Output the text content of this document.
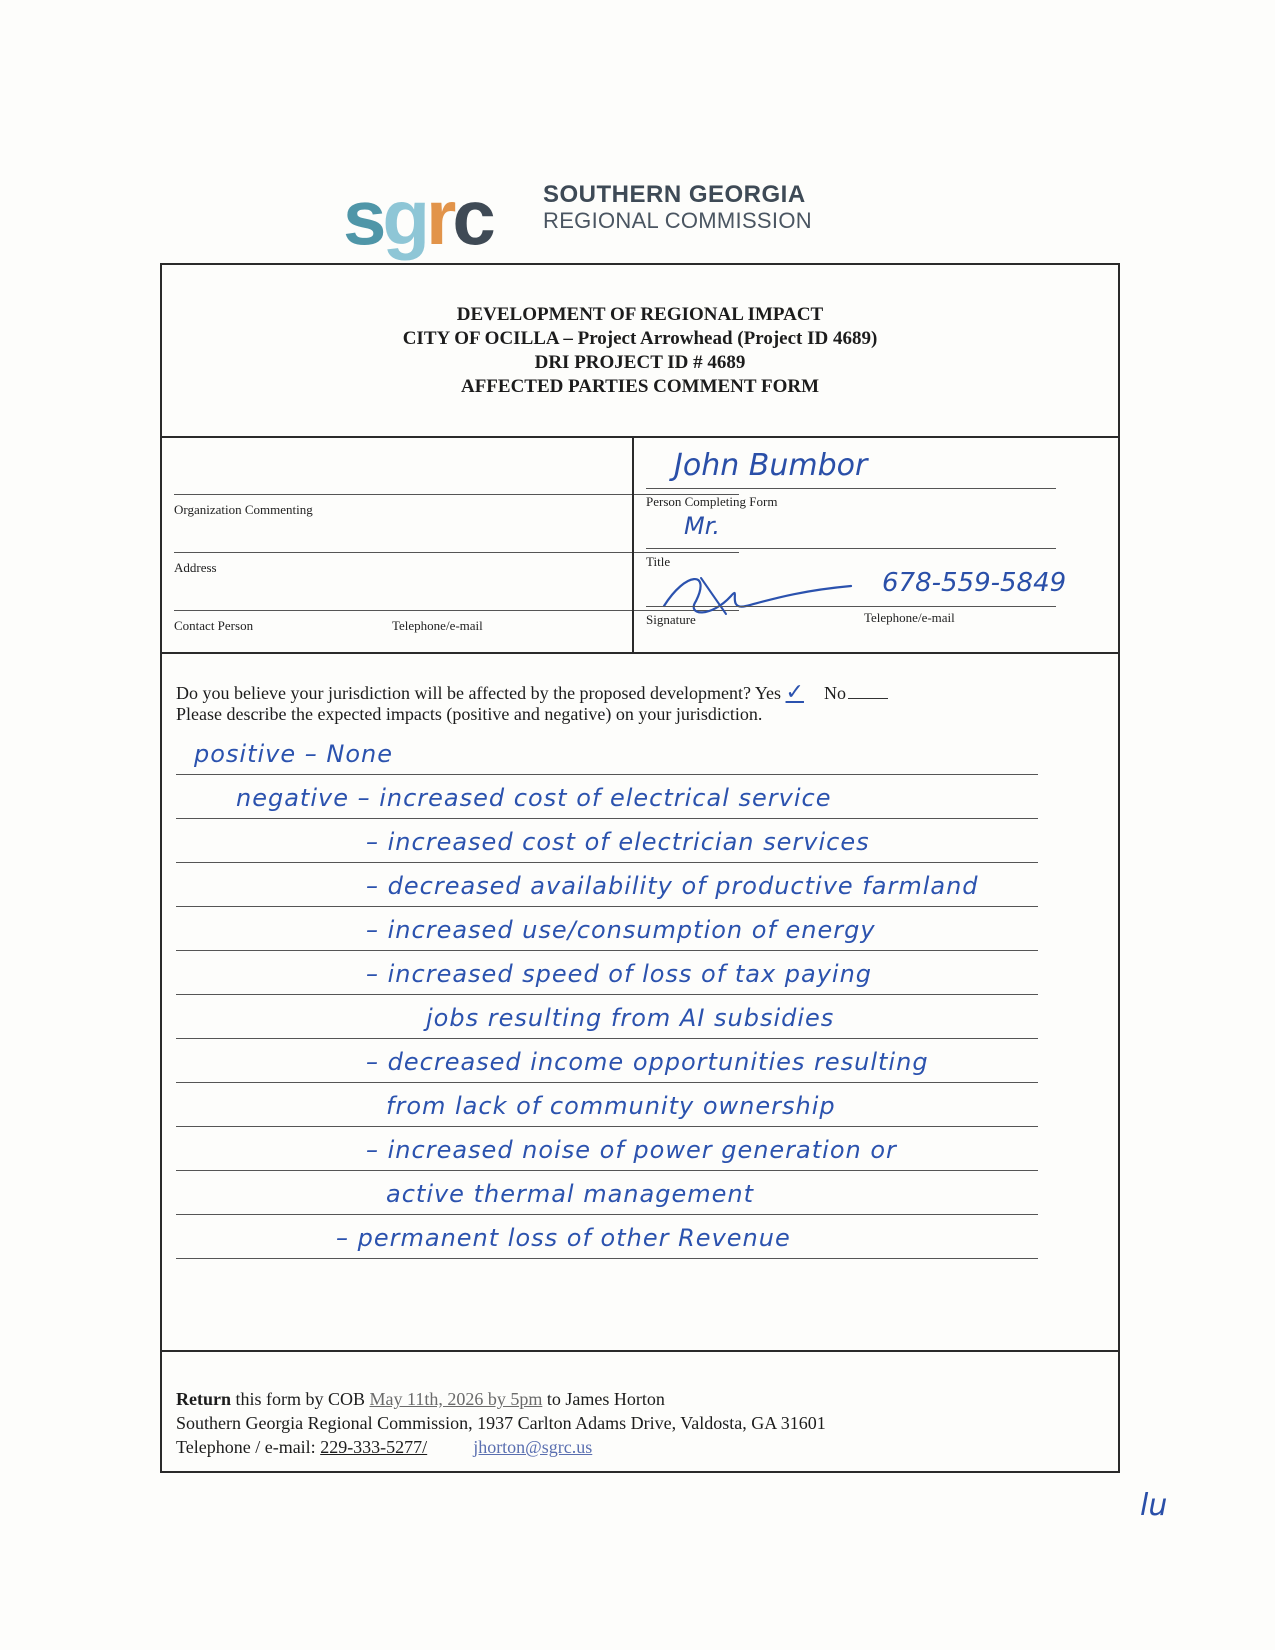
sgrc SOUTHERN GEORGIA
REGIONAL COMMISSION
DEVELOPMENT OF REGIONAL IMPACT
CITY OF OCILLA – Project Arrowhead (Project ID 4689)
DRI PROJECT ID # 4689
AFFECTED PARTIES COMMENT FORM
Organization Commenting
Address
Contact Person	Telephone/e-mail
John Bumbor
Person Completing Form
Mr.
Title
678-559-5849
Signature	Telephone/e-mail
Do you believe your jurisdiction will be affected by the proposed development? Yes ✓ No
Please describe the expected impacts (positive and negative) on your jurisdiction.
positive – None
negative – increased cost of electrical service
– increased cost of electrician services
– decreased availability of productive farmland
– increased use/consumption of energy
– increased speed of loss of tax paying
jobs resulting from AI subsidies
– decreased income opportunities resulting
from lack of community ownership
– increased noise of power generation or
active thermal management
– permanent loss of other Revenue
Return this form by COB May 11th, 2026 by 5pm to James Horton
Southern Georgia Regional Commission, 1937 Carlton Adams Drive, Valdosta, GA 31601
Telephone / e-mail: 229-333-5277/	jhorton@sgrc.us
lu
